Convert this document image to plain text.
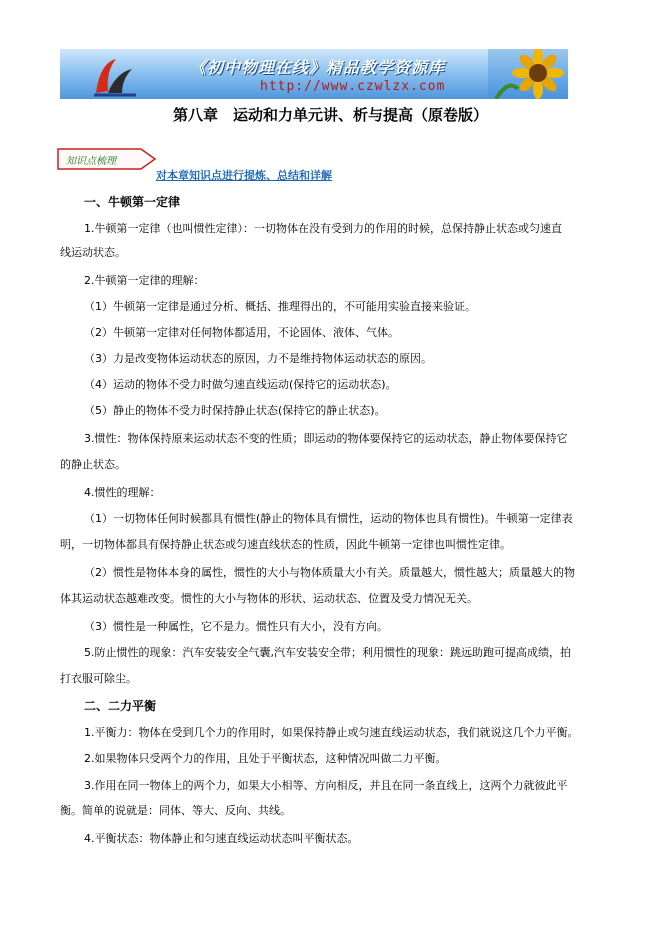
《初中物理在线》精品教学资源库
http://www.czwlzx.com
第八章　运动和力单元讲、析与提高（原卷版）
知识点梳理
对本章知识点进行提炼、总结和详解
一、牛顿第一定律
1.牛顿第一定律（也叫惯性定律）：一切物体在没有受到力的作用的时候，总保持静止状态或匀速直
线运动状态。
2.牛顿第一定律的理解：
（1）牛顿第一定律是通过分析、概括、推理得出的，不可能用实验直接来验证。
（2）牛顿第一定律对任何物体都适用，不论固体、液体、气体。
（3）力是改变物体运动状态的原因，力不是维持物体运动状态的原因。
（4）运动的物体不受力时做匀速直线运动(保持它的运动状态)。
（5）静止的物体不受力时保持静止状态(保持它的静止状态)。
3.惯性：物体保持原来运动状态不变的性质；即运动的物体要保持它的运动状态，静止物体要保持它
的静止状态。
4.惯性的理解：
（1）一切物体任何时候都具有惯性(静止的物体具有惯性，运动的物体也具有惯性)。牛顿第一定律表
明，一切物体都具有保持静止状态或匀速直线状态的性质，因此牛顿第一定律也叫惯性定律。
（2）惯性是物体本身的属性，惯性的大小与物体质量大小有关。质量越大，惯性越大；质量越大的物
体其运动状态越难改变。惯性的大小与物体的形状、运动状态、位置及受力情况无关。
（3）惯性是一种属性，它不是力。惯性只有大小，没有方向。
5.防止惯性的现象：汽车安装安全气囊,汽车安装安全带；利用惯性的现象：跳远助跑可提高成绩，拍
打衣服可除尘。
二、二力平衡
1.平衡力：物体在受到几个力的作用时，如果保持静止或匀速直线运动状态，我们就说这几个力平衡。
2.如果物体只受两个力的作用，且处于平衡状态，这种情况叫做二力平衡。
3.作用在同一物体上的两个力，如果大小相等、方向相反，并且在同一条直线上，这两个力就彼此平
衡。简单的说就是：同体、等大、反向、共线。
4.平衡状态：物体静止和匀速直线运动状态叫平衡状态。
